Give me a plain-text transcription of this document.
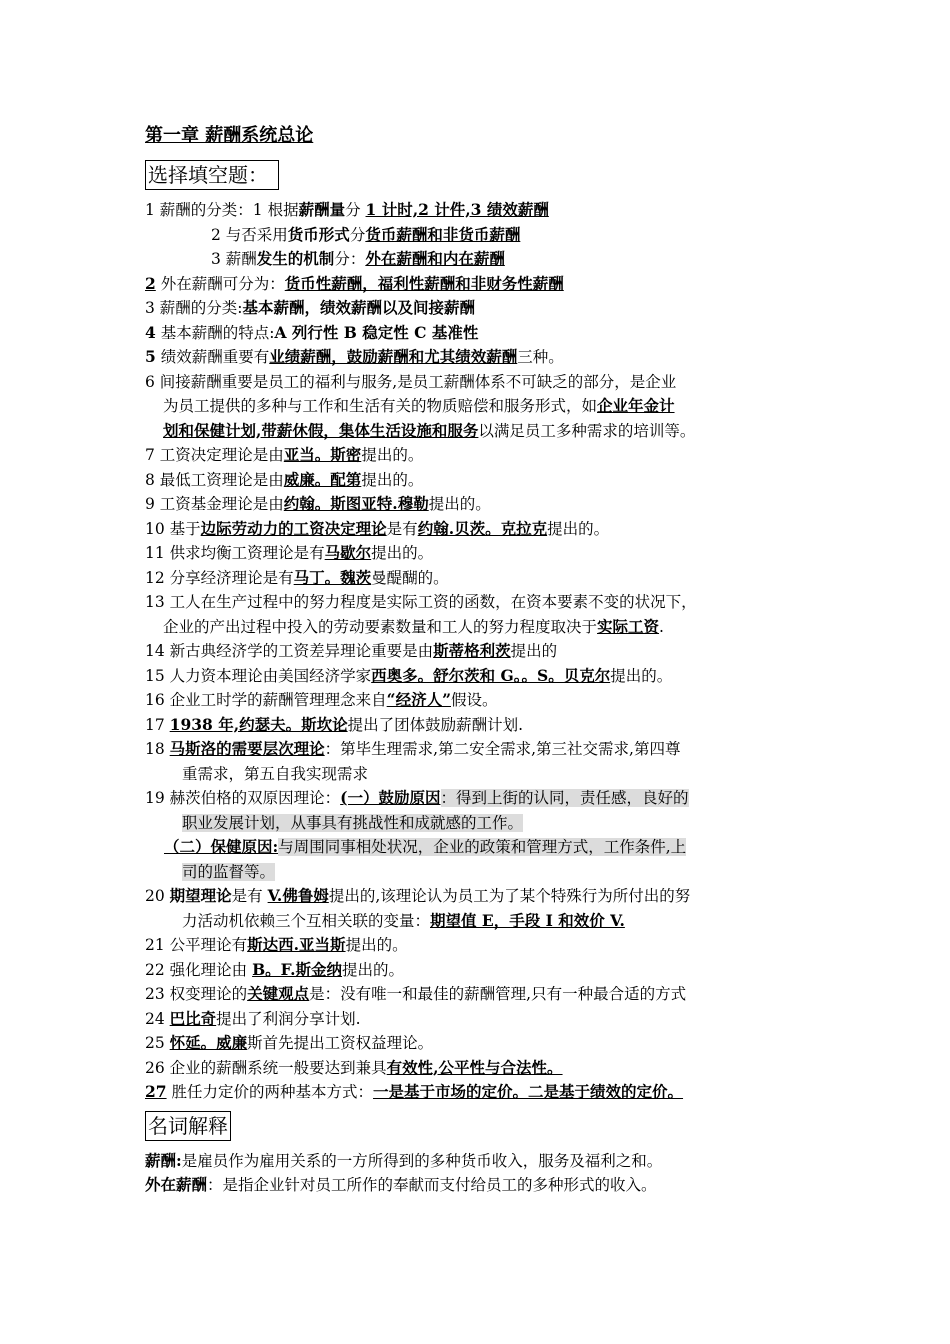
第一章 薪酬系统总论
选择填空题：
1 薪酬的分类：1 根据薪酬量分 1 计时,2 计件,3 绩效薪酬
2 与否采用货币形式分货币薪酬和非货币薪酬
3 薪酬发生的机制分：外在薪酬和内在薪酬
2 外在薪酬可分为：货币性薪酬，福利性薪酬和非财务性薪酬
3 薪酬的分类:基本薪酬，绩效薪酬以及间接薪酬
4 基本薪酬的特点:A 列行性 B 稳定性 C 基准性
5 绩效薪酬重要有业绩薪酬，鼓励薪酬和尤其绩效薪酬三种。
6 间接薪酬重要是员工的福利与服务,是员工薪酬体系不可缺乏的部分，是企业
为员工提供的多种与工作和生活有关的物质赔偿和服务形式，如企业年金计
划和保健计划,带薪休假，集体生活设施和服务以满足员工多种需求的培训等。
7 工资决定理论是由亚当。斯密提出的。
8 最低工资理论是由威廉。配第提出的。
9 工资基金理论是由约翰。斯图亚特.穆勒提出的。
10 基于边际劳动力的工资决定理论是有约翰.贝茨。克拉克提出的。
11 供求均衡工资理论是有马歇尔提出的。
12 分享经济理论是有马丁。魏茨曼醍醐的。
13 工人在生产过程中的努力程度是实际工资的函数，在资本要素不变的状况下，
企业的产出过程中投入的劳动要素数量和工人的努力程度取决于实际工资.
14 新古典经济学的工资差异理论重要是由斯蒂格利茨提出的
15 人力资本理论由美国经济学家西奥多。舒尔茨和 G。。S。贝克尔提出的。
16 企业工时学的薪酬管理理念来自“经济人”假设。
17 1938 年,约瑟夫。斯坎论提出了团体鼓励薪酬计划.
18 马斯洛的需要层次理论：第毕生理需求,第二安全需求,第三社交需求,第四尊
重需求，第五自我实现需求
19 赫茨伯格的双原因理论：(一）鼓励原因：得到上街的认同，责任感，良好的
职业发展计划，从事具有挑战性和成就感的工作。
（二）保健原因:与周围同事相处状况，企业的政策和管理方式，工作条件,上
司的监督等。
20 期望理论是有 V.佛鲁姆提出的,该理论认为员工为了某个特殊行为所付出的努
力活动机依赖三个互相关联的变量：期望值 E，手段 I 和效价 V.
21 公平理论有斯达西.亚当斯提出的。
22 强化理论由 B。F.斯金纳提出的。
23 权变理论的关键观点是：没有唯一和最佳的薪酬管理,只有一种最合适的方式
24 巴比奇提出了利润分享计划.
25 怀延。威廉斯首先提出工资权益理论。
26 企业的薪酬系统一般要达到兼具有效性,公平性与合法性。
27 胜任力定价的两种基本方式：一是基于市场的定价。二是基于绩效的定价。
名词解释
薪酬:是雇员作为雇用关系的一方所得到的多种货币收入，服务及福利之和。
外在薪酬：是指企业针对员工所作的奉献而支付给员工的多种形式的收入。
